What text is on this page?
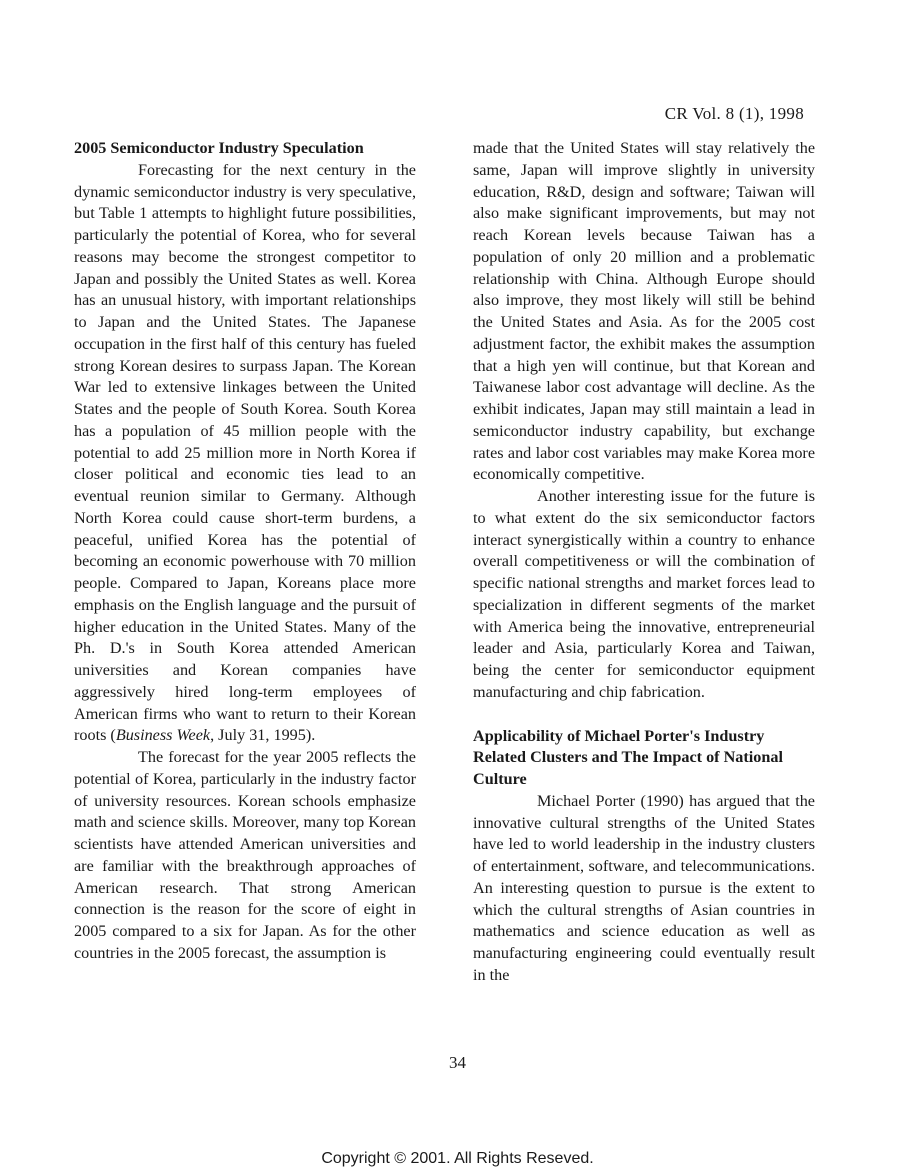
CR Vol. 8 (1), 1998
2005 Semiconductor Industry Speculation

Forecasting for the next century in the dynamic semiconductor industry is very speculative, but Table 1 attempts to highlight future possibilities, particularly the potential of Korea, who for several reasons may become the strongest competitor to Japan and possibly the United States as well. Korea has an unusual history, with important relationships to Japan and the United States. The Japanese occupation in the first half of this century has fueled strong Korean desires to surpass Japan. The Korean War led to extensive linkages between the United States and the people of South Korea. South Korea has a population of 45 million people with the potential to add 25 million more in North Korea if closer political and economic ties lead to an eventual reunion similar to Germany. Although North Korea could cause short-term burdens, a peaceful, unified Korea has the potential of becoming an economic powerhouse with 70 million people. Compared to Japan, Koreans place more emphasis on the English language and the pursuit of higher education in the United States. Many of the Ph. D.'s in South Korea attended American universities and Korean companies have aggressively hired long-term employees of American firms who want to return to their Korean roots (Business Week, July 31, 1995).

The forecast for the year 2005 reflects the potential of Korea, particularly in the industry factor of university resources. Korean schools emphasize math and science skills. Moreover, many top Korean scientists have attended American universities and are familiar with the breakthrough approaches of American research. That strong American connection is the reason for the score of eight in 2005 compared to a six for Japan. As for the other countries in the 2005 forecast, the assumption is

made that the United States will stay relatively the same, Japan will improve slightly in university education, R&D, design and software; Taiwan will also make significant improvements, but may not reach Korean levels because Taiwan has a population of only 20 million and a problematic relationship with China. Although Europe should also improve, they most likely will still be behind the United States and Asia. As for the 2005 cost adjustment factor, the exhibit makes the assumption that a high yen will continue, but that Korean and Taiwanese labor cost advantage will decline. As the exhibit indicates, Japan may still maintain a lead in semiconductor industry capability, but exchange rates and labor cost variables may make Korea more economically competitive.

Another interesting issue for the future is to what extent do the six semiconductor factors interact synergistically within a country to enhance overall competitiveness or will the combination of specific national strengths and market forces lead to specialization in different segments of the market with America being the innovative, entrepreneurial leader and Asia, particularly Korea and Taiwan, being the center for semiconductor equipment manufacturing and chip fabrication.

Applicability of Michael Porter's Industry Related Clusters and The Impact of National Culture

Michael Porter (1990) has argued that the innovative cultural strengths of the United States have led to world leadership in the industry clusters of entertainment, software, and telecommunications. An interesting question to pursue is the extent to which the cultural strengths of Asian countries in mathematics and science education as well as manufacturing engineering could eventually result in the

34
Copyright © 2001. All Rights Reseved.
